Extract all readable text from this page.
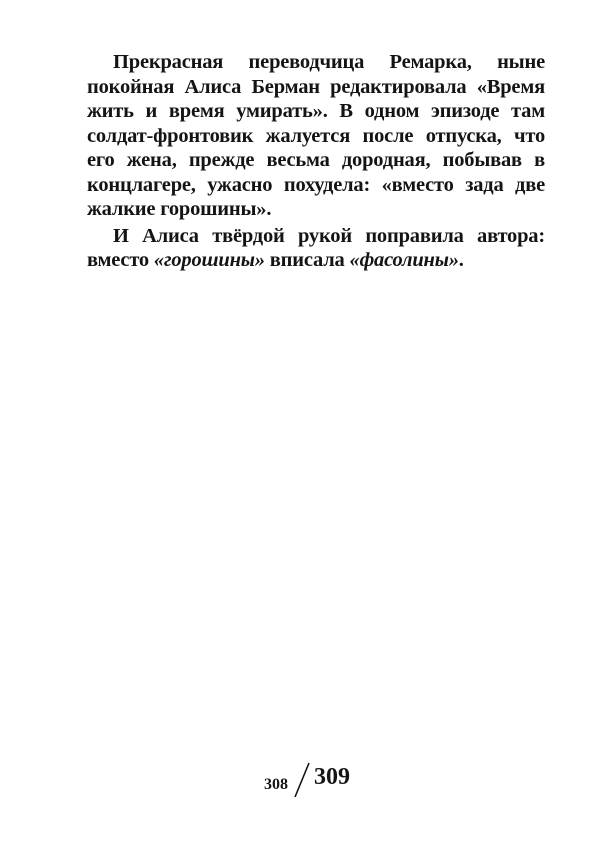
Прекрасная переводчица Ремарка, ныне покойная Алиса Берман редактировала «Время жить и время умирать». В одном эпизоде там солдат-фронтовик жалуется после отпуска, что его жена, прежде весьма дородная, побывав в концлагере, ужасно похудела: «вместо зада две жалкие горошины».

И Алиса твёрдой рукой поправила автора: вместо «горошины» вписала «фасолины».

308 309
